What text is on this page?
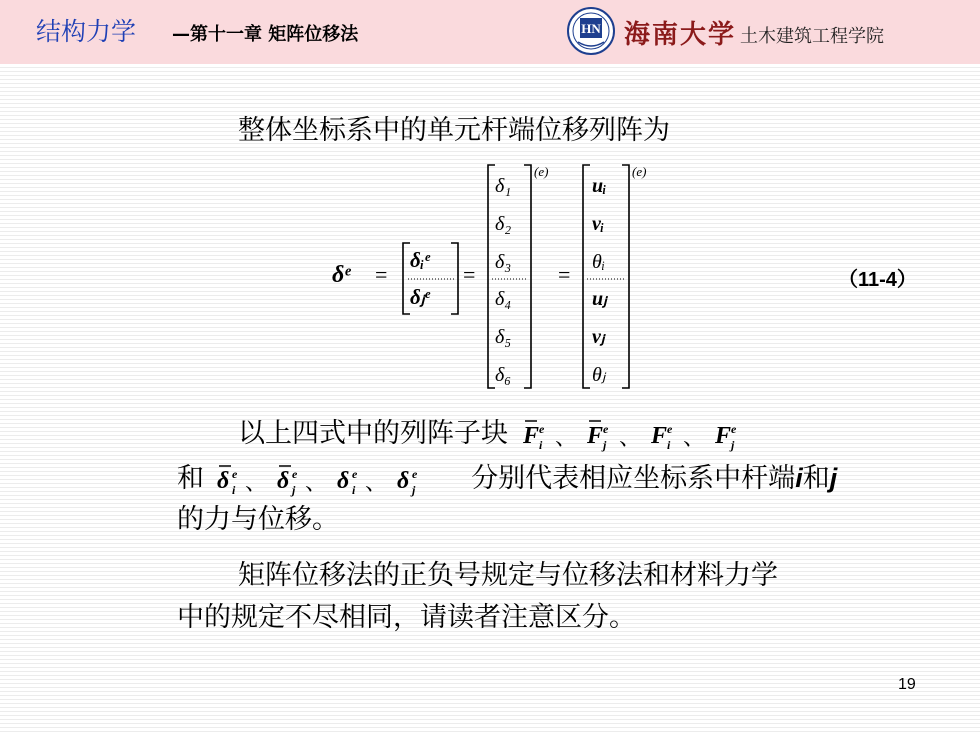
结构力学 —第十一章 矩阵位移法	HN 海南大学 土木建筑工程学院
整体坐标系中的单元杆端位移列阵为
δᵉ =
δᵢᵉ
δⱼᵉ
=
(e)
δ₁
δ₂
δ₃
δ₄
δ₅
δ₆
=
(e)
uᵢ
vᵢ
θᵢ
uⱼ
vⱼ
θⱼ
（11-4）
以上四式中的列阵子块 F e
i 、 F e
j 、 F e
i 、 F e
j
和 δ e
i 、 δ e
j 、 δ e
i 、 δ e
j 分别代表相应坐标系中杆端i和j
的力与位移。
矩阵位移法的正负号规定与位移法和材料力学
中的规定不尽相同，请读者注意区分。
19
